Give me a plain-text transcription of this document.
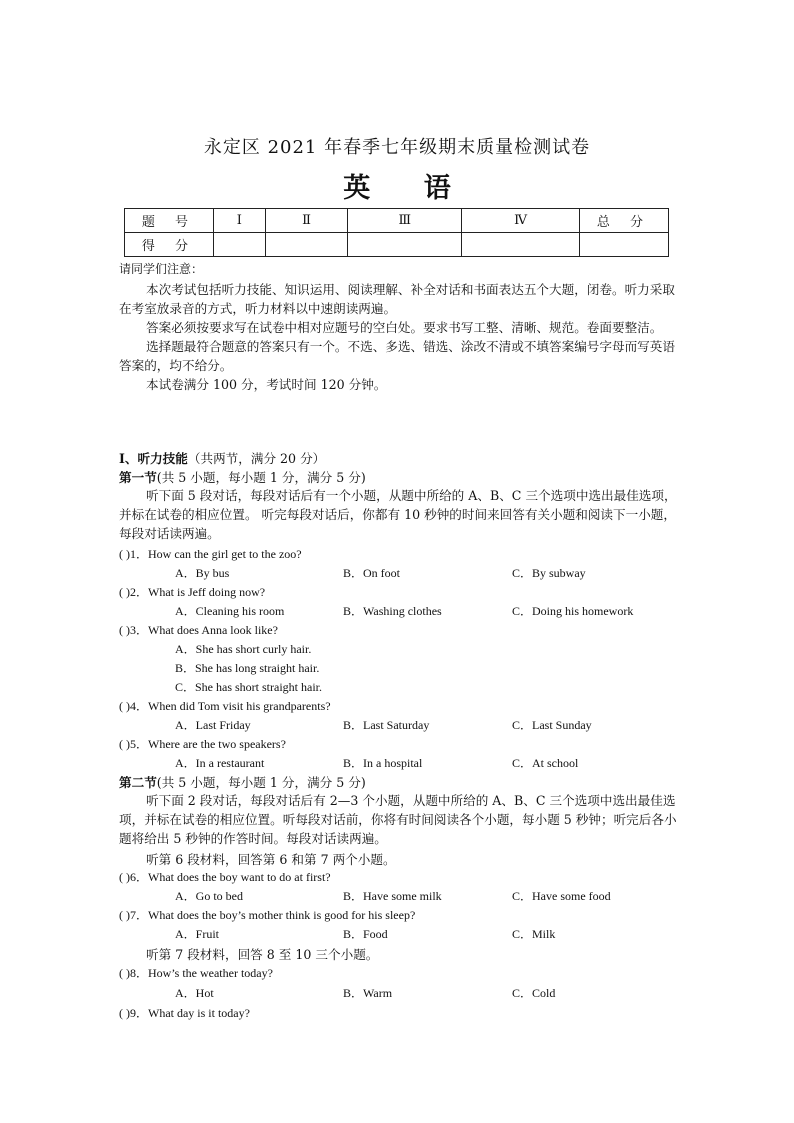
永定区 2021 年春季七年级期末质量检测试卷
英 语
题 号	Ⅰ	Ⅱ	Ⅲ	Ⅳ	总 分
得 分					
请同学们注意：

本次考试包括听力技能、知识运用、阅读理解、补全对话和书面表达五个大题，闭卷。听力采取在考室放录音的方式，听力材料以中速朗读两遍。

答案必须按要求写在试卷中相对应题号的空白处。要求书写工整、清晰、规范。卷面要整洁。

选择题最符合题意的答案只有一个。不选、多选、错选、涂改不清或不填答案编号字母而写英语答案的，均不给分。

本试卷满分 100 分，考试时间 120 分钟。

Ⅰ、听力技能（共两节，满分 20 分）
第一节(共 5 小题，每小题 1 分，满分 5 分)

听下面 5 段对话，每段对话后有一个小题，从题中所给的 A、B、C 三个选项中选出最佳选项，并标在试卷的相应位置。 听完每段对话后，你都有 10 秒钟的时间来回答有关小题和阅读下一小题，每段对话读两遍。

( )1．How can the girl get to the zoo?
A．By bus	B．On foot	C．By subway
( )2．What is Jeff doing now?
A．Cleaning his room	B．Washing clothes	C．Doing his homework
( )3．What does Anna look like?
A．She has short curly hair.
B．She has long straight hair.
C．She has short straight hair.
( )4．When did Tom visit his grandparents?
A．Last Friday	B．Last Saturday	C．Last Sunday
( )5．Where are the two speakers?
A．In a restaurant	B．In a hospital	C．At school
第二节(共 5 小题，每小题 1 分，满分 5 分)

听下面 2 段对话，每段对话后有 2—3 个小题，从题中所给的 A、B、C 三个选项中选出最佳选项，并标在试卷的相应位置。听每段对话前，你将有时间阅读各个小题，每小题 5 秒钟；听完后各小题将给出 5 秒钟的作答时间。每段对话读两遍。

听第 6 段材料，回答第 6 和第 7 两个小题。
( )6．What does the boy want to do at first?
A．Go to bed	B．Have some milk	C．Have some food
( )7．What does the boy’s mother think is good for his sleep?
A．Fruit	B．Food	C．Milk
听第 7 段材料，回答 8 至 10 三个小题。
( )8．How’s the weather today?
A．Hot	B．Warm	C．Cold
( )9．What day is it today?
